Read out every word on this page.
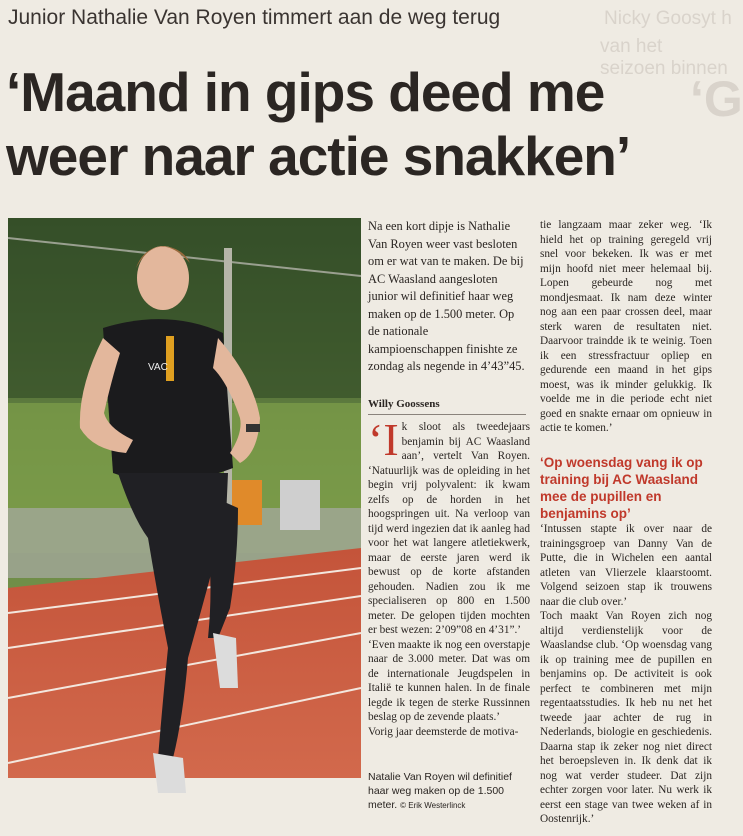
Nicky Goosyt h
van het seizoen binnen
‘G
Junior Nathalie Van Royen timmert aan de weg terug
‘Maand in gips deed me
weer naar actie snakken’
VAC

Natalie Van Royen wil definitief haar weg maken op de 1.500 meter. © Erik Westerlinck

Na een kort dipje is Nathalie Van Royen weer vast besloten om er wat van te maken. De bij AC Waasland aangesloten junior wil definitief haar weg maken op de 1.500 meter. Op de nationale kampioenschappen finishte ze zondag als negende in 4’43”45.
Willy Goossens

‘Ik sloot als tweedejaars benjamin bij AC Waasland aan’, vertelt Van Royen. ‘Natuurlijk was de opleiding in het begin vrij polyvalent: ik kwam zelfs op de horden in het hoogspringen uit. Na verloop van tijd werd ingezien dat ik aanleg had voor het wat langere atletiekwerk, maar de eerste jaren werd ik bewust op de korte afstanden gehouden. Nadien zou ik me specialiseren op 800 en 1.500 meter. De gelopen tijden mochten er best wezen: 2’09”08 en 4’31”.’

‘Even maakte ik nog een overstapje naar de 3.000 meter. Dat was om de internationale Jeugdspelen in Italië te kunnen halen. In de finale legde ik tegen de sterke Russinnen beslag op de zevende plaats.’

Vorig jaar deemsterde de motiva-

tie langzaam maar zeker weg. ‘Ik hield het op training geregeld vrij snel voor bekeken. Ik was er met mijn hoofd niet meer helemaal bij. Lopen gebeurde nog met mondjesmaat. Ik nam deze winter nog aan een paar crossen deel, maar sterk waren de resultaten niet. Daarvoor traindde ik te weinig. Toen ik een stressfractuur opliep en gedurende een maand in het gips moest, was ik minder gelukkig. Ik voelde me in die periode echt niet goed en snakte ernaar om opnieuw in actie te komen.’

‘Op woensdag vang ik op training bij AC Waasland mee de pupillen en benjamins op’

‘Intussen stapte ik over naar de trainingsgroep van Danny Van de Putte, die in Wichelen een aantal atleten van Vlierzele klaarstoomt. Volgend seizoen stap ik trouwens naar die club over.’

Toch maakt Van Royen zich nog altijd verdienstelijk voor de Waaslandse club. ‘Op woensdag vang ik op training mee de pupillen en benjamins op. De activiteit is ook perfect te combineren met mijn regentaatsstudies. Ik heb nu net het tweede jaar achter de rug in Nederlands, biologie en geschiedenis. Daarna stap ik zeker nog niet direct het beroepsleven in. Ik denk dat ik nog wat verder studeer. Dat zijn echter zorgen voor later. Nu werk ik eerst een stage van twee weken af in Oostenrijk.’
